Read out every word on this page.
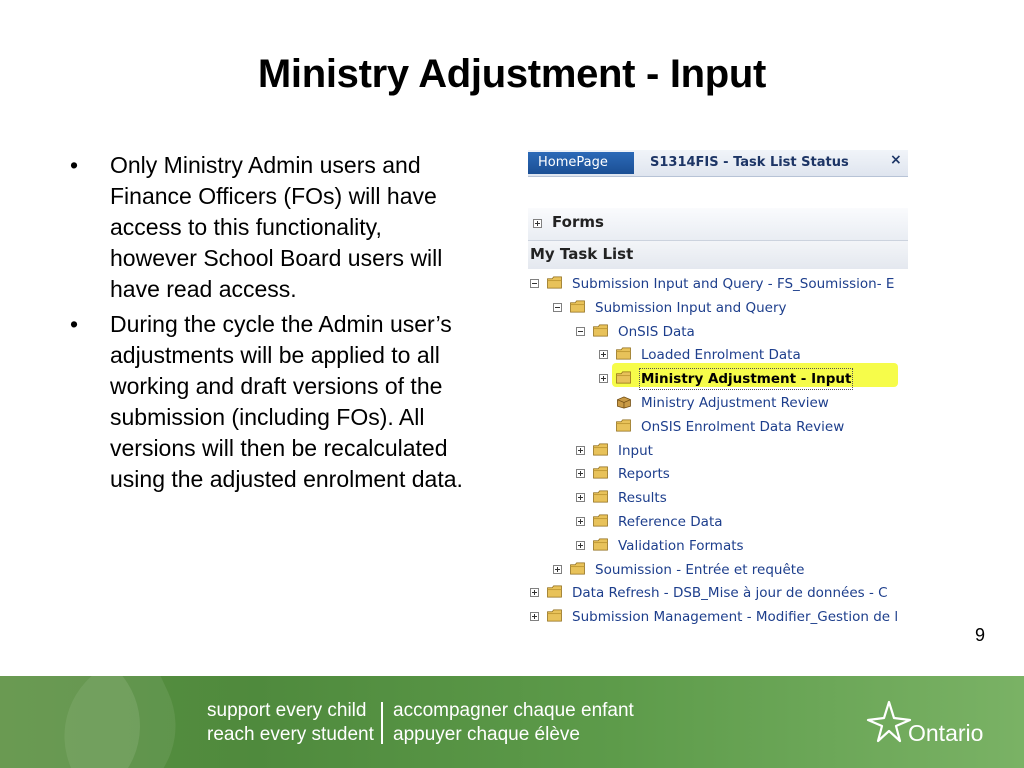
Ministry Adjustment - Input
• Only Ministry Admin users and Finance Officers (FOs) will have access to this functionality, however School Board users will have read access.
• During the cycle the Admin user’s adjustments will be applied to all working and draft versions of the submission (including FOs). All versions will then be recalculated using the adjusted enrolment data.
HomePage	S1314FIS - Task List Status	×
Forms
My Task List
Submission Input and Query - FS_Soumission- E
Submission Input and Query
OnSIS Data
Loaded Enrolment Data
Ministry Adjustment - Input
Ministry Adjustment Review
OnSIS Enrolment Data Review
Input
Reports
Results
Reference Data
Validation Formats
Soumission - Entrée et requête
Data Refresh - DSB_Mise à jour de données - C
Submission Management - Modifier_Gestion de l
9
support every child
reach every student
accompagner chaque enfant
appuyer chaque élève	Ontario
